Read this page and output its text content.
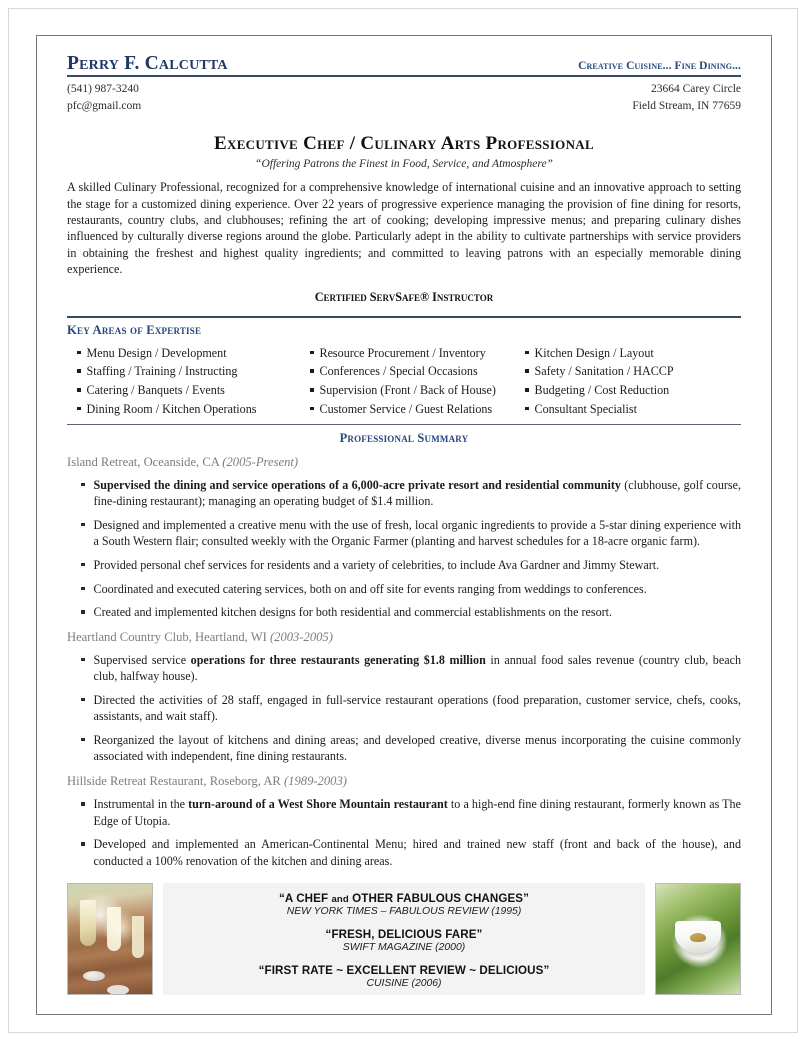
Perry F. Calcutta	Creative Cuisine... Fine Dining...
(541) 987-3240
pfc@gmail.com
23664 Carey Circle
Field Stream, IN 77659
Executive Chef / Culinary Arts Professional
“Offering Patrons the Finest in Food, Service, and Atmosphere”
A skilled Culinary Professional, recognized for a comprehensive knowledge of international cuisine and an innovative approach to setting the stage for a customized dining experience. Over 22 years of progressive experience managing the provision of fine dining for resorts, restaurants, country clubs, and clubhouses; refining the art of cooking; developing impressive menus; and preparing culinary dishes influenced by culturally diverse regions around the globe. Particularly adept in the ability to cultivate partnerships with service providers in obtaining the freshest and highest quality ingredients; and committed to leaving patrons with an especially memorable dining experience.
Certified ServSafe® Instructor
Key Areas of Expertise
Menu Design / Development
Staffing / Training / Instructing
Catering / Banquets / Events
Dining Room / Kitchen Operations
Resource Procurement / Inventory
Conferences / Special Occasions
Supervision (Front / Back of House)
Customer Service / Guest Relations
Kitchen Design / Layout
Safety / Sanitation / HACCP
Budgeting / Cost Reduction
Consultant Specialist
Professional Summary
Island Retreat, Oceanside, CA (2005-Present)
Supervised the dining and service operations of a 6,000-acre private resort and residential community (clubhouse, golf course, fine-dining restaurant); managing an operating budget of $1.4 million.
Designed and implemented a creative menu with the use of fresh, local organic ingredients to provide a 5-star dining experience with a South Western flair; consulted weekly with the Organic Farmer (planting and harvest schedules for a 18-acre organic farm).
Provided personal chef services for residents and a variety of celebrities, to include Ava Gardner and Jimmy Stewart.
Coordinated and executed catering services, both on and off site for events ranging from weddings to conferences.
Created and implemented kitchen designs for both residential and commercial establishments on the resort.
Heartland Country Club, Heartland, WI (2003-2005)
Supervised service operations for three restaurants generating $1.8 million in annual food sales revenue (country club, beach club, halfway house).
Directed the activities of 28 staff, engaged in full-service restaurant operations (food preparation, customer service, chefs, cooks, assistants, and wait staff).
Reorganized the layout of kitchens and dining areas; and developed creative, diverse menus incorporating the cuisine commonly associated with independent, fine dining restaurants.
Hillside Retreat Restaurant, Roseborg, AR (1989-2003)
Instrumental in the turn-around of a West Shore Mountain restaurant to a high-end fine dining restaurant, formerly known as The Edge of Utopia.
Developed and implemented an American-Continental Menu; hired and trained new staff (front and back of the house), and conducted a 100% renovation of the kitchen and dining areas.
“A CHEF and OTHER FABULOUS CHANGES”
NEW YORK TIMES – FABULOUS REVIEW (1995)
“FRESH, DELICIOUS FARE”
SWIFT MAGAZINE (2000)
“FIRST RATE ~ EXCELLENT REVIEW ~ DELICIOUS”
CUISINE (2006)
